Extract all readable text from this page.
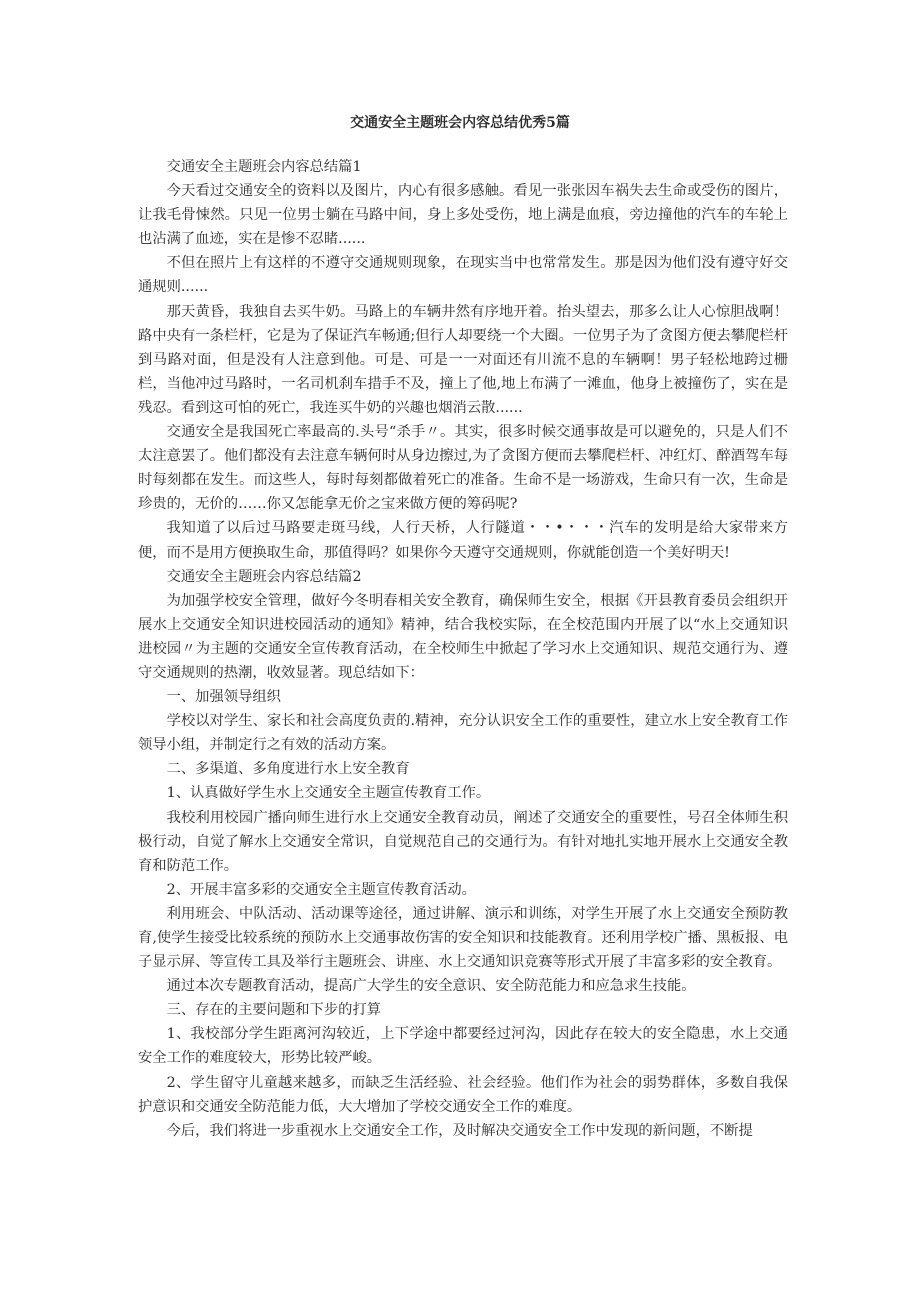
交通安全主题班会内容总结优秀5篇

交通安全主题班会内容总结篇1

今天看过交通安全的资料以及图片，内心有很多感触。看见一张张因车祸失去生命或受伤的图片，让我毛骨悚然。只见一位男士躺在马路中间，身上多处受伤，地上满是血痕，旁边撞他的汽车的车轮上也沾满了血迹，实在是惨不忍睹......

不但在照片上有这样的不遵守交通规则现象，在现实当中也常常发生。那是因为他们没有遵守好交通规则......

那天黄昏，我独自去买牛奶。马路上的车辆井然有序地开着。抬头望去，那多么让人心惊胆战啊！路中央有一条栏杆，它是为了保证汽车畅通;但行人却要绕一个大圈。一位男子为了贪图方便去攀爬栏杆到马路对面，但是没有人注意到他。可是、可是一一对面还有川流不息的车辆啊！男子轻松地跨过栅栏，当他冲过马路时，一名司机刹车措手不及，撞上了他,地上布满了一滩血，他身上被撞伤了，实在是残忍。看到这可怕的死亡，我连买牛奶的兴趣也烟消云散......

交通安全是我国死亡率最高的.头号“杀手〃。其实，很多时候交通事故是可以避免的，只是人们不太注意罢了。他们都没有去注意车辆何时从身边擦过,为了贪图方便而去攀爬栏杆、冲红灯、醉酒驾车每时每刻都在发生。而这些人，每时每刻都做着死亡的准备。生命不是一场游戏，生命只有一次，生命是珍贵的，无价的……你又怎能拿无价之宝来做方便的筹码呢?

我知道了以后过马路要走斑马线，人行天桥，人行隧道・・•・・・汽车的发明是给大家带来方便，而不是用方便换取生命，那值得吗？如果你今天遵守交通规则，你就能创造一个美好明天!

交通安全主题班会内容总结篇2

为加强学校安全管理，做好今冬明春相关安全教育，确保师生安全，根据《开县教育委员会组织开展水上交通安全知识进校园活动的通知》精神，结合我校实际，在全校范围内开展了以“水上交通知识进校园〃为主题的交通安全宣传教育活动，在全校师生中掀起了学习水上交通知识、规范交通行为、遵守交通规则的热潮，收效显著。现总结如下：

一、加强领导组织

学校以对学生、家长和社会高度负责的.精神，充分认识安全工作的重要性，建立水上安全教育工作领导小组，并制定行之有效的活动方案。

二、多渠道、多角度进行水上安全教育

1、认真做好学生水上交通安全主题宣传教育工作。

我校利用校园广播向师生进行水上交通安全教育动员，阐述了交通安全的重要性，号召全体师生积极行动，自觉了解水上交通安全常识，自觉规范自己的交通行为。有针对地扎实地开展水上交通安全教育和防范工作。

2、开展丰富多彩的交通安全主题宣传教育活动。

利用班会、中队活动、活动课等途径，通过讲解、演示和训练，对学生开展了水上交通安全预防教育,使学生接受比较系统的预防水上交通事故伤害的安全知识和技能教育。还利用学校广播、黑板报、电子显示屏、等宣传工具及举行主题班会、讲座、水上交通知识竞赛等形式开展了丰富多彩的安全教育。

通过本次专题教育活动，提高广大学生的安全意识、安全防范能力和应急求生技能。

三、存在的主要问题和下步的打算

1、我校部分学生距离河沟较近，上下学途中都要经过河沟，因此存在较大的安全隐患，水上交通安全工作的难度较大，形势比较严峻。

2、学生留守儿童越来越多，而缺乏生活经验、社会经验。他们作为社会的弱势群体，多数自我保护意识和交通安全防范能力低，大大增加了学校交通安全工作的难度。

今后，我们将进一步重视水上交通安全工作，及时解决交通安全工作中发现的新问题，不断提
